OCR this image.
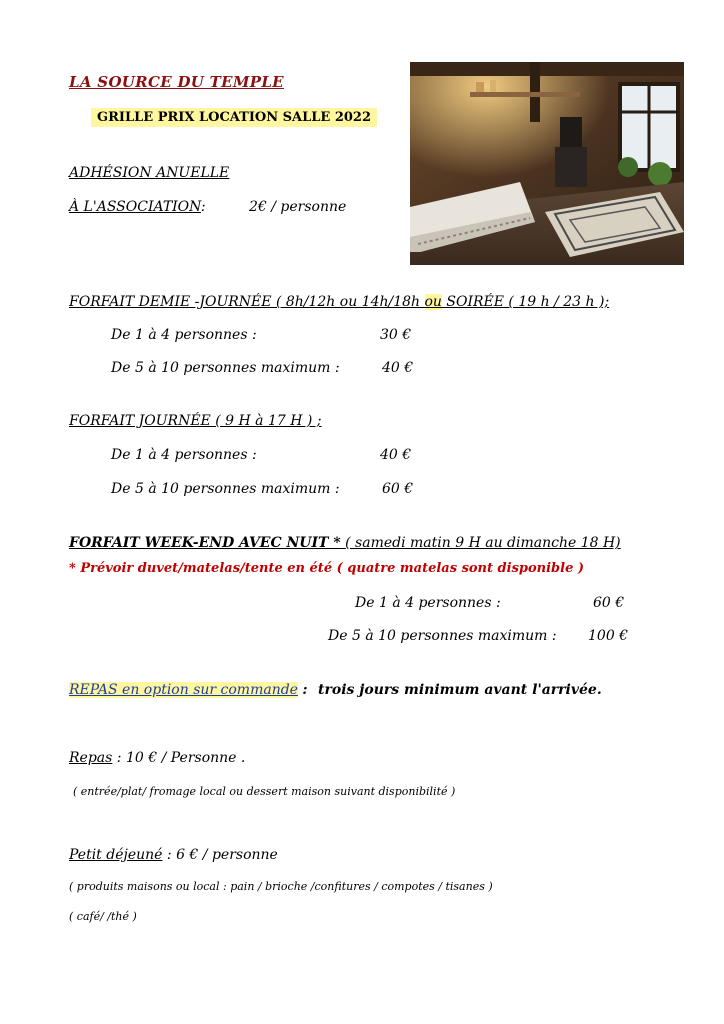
LA SOURCE DU TEMPLE
GRILLE PRIX LOCATION SALLE 2022
ADHÉSION ANUELLE
À L'ASSOCIATION:	2€ / personne
FORFAIT DEMIE -JOURNÉE ( 8h/12h ou 14h/18h ou SOIRÉE ( 19 h / 23 h );
De 1 à 4 personnes :	30 €
De 5 à 10 personnes maximum :	40 €
FORFAIT JOURNÉE ( 9 H à 17 H ) ;
De 1 à 4 personnes :	40 €
De 5 à 10 personnes maximum :	60 €
FORFAIT WEEK-END AVEC NUIT * ( samedi matin 9 H au dimanche 18 H)
* Prévoir duvet/matelas/tente en été ( quatre matelas sont disponible )
De 1 à 4 personnes :	60 €
De 5 à 10 personnes maximum : 100 €
REPAS en option sur commande : trois jours minimum avant l'arrivée.
Repas : 10 € / Personne .
( entrée/plat/ fromage local ou dessert maison suivant disponibilité )
Petit déjeuné : 6 € / personne
( produits maisons ou local : pain / brioche /confitures / compotes / tisanes )
( café/ /thé )
